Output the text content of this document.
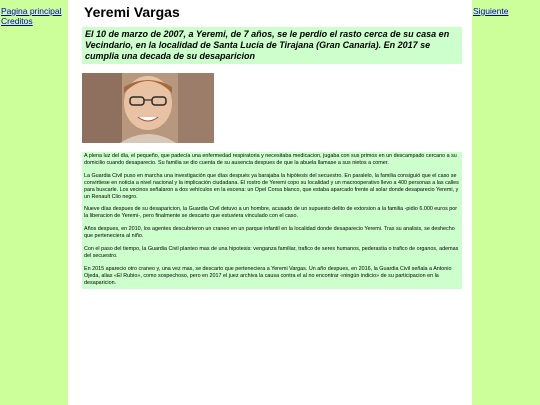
Pagina principal
Creditos
Siguiente
Yeremi Vargas
El 10 de marzo de 2007, a Yeremi, de 7 años, se le perdio el rasto cerca de su casa en Vecindario, en la localidad de Santa Lucía de Tirajana (Gran Canaria). En 2017 se cumplia una decada de su desaparicion

A plena luz del día, el pequeño, que padecía una enfermedad respiratoria y necesitaba medicacion, jugaba con sus primos en un descampado cercano a su domicilio cuando desaparecio. Su familia se dio cuenta de su ausencia despues de que la abuela llamase a sus nietos a comer.

La Guardia Civil puso en marcha una investigación que días después ya barajaba la hipótesis del secuestro. En paralelo, la familia consiguió que el caso se convirtiese en noticia a nivel nacional y la implicación ciudadana. El rostro de Yeremi copo su localidad y un macrooperativo llevo a 400 personas a las calles para buscarle. Los vecinos señalaron a dos vehículos en la escena: un Opel Corsa blanco, que estaba aparcado frente al solar donde desaparecio Yeremi, y un Renault Clio negro.

Nueve días despues de su desaparicion, la Guardia Civil detuvo a un hombre, acusado de un supuesto delito de extorsion a la familia -pidio 6.000 euros por la liberacion de Yeremi-, pero finalmente se descarto que estuviera vinculado con el caso.

Años despues, en 2010, los agentes descubrieron un craneo en un parque infantil en la localidad donde desaparecio Yeremi. Tras su analisis, se deshecho que perteneciera al niño.

Con el paso del tiempo, la Guardia Civil planteo mas de una hipotesis: venganza familiar, trafico de seres humanos, pederastia o trafico de organos, ademas del secuestro.

En 2015 aparecio otro craneo y, una vez mas, se descarto que perteneciera a Yeremi Vargas. Un año despues, en 2016, la Guardia Civil señala a Antonio Ojeda, alias «El Rubio», como sospechoso, pero en 2017 el juez archiva la causa contra el al no encontrar «ningún indicio» de su participacion en la desaparicion.
